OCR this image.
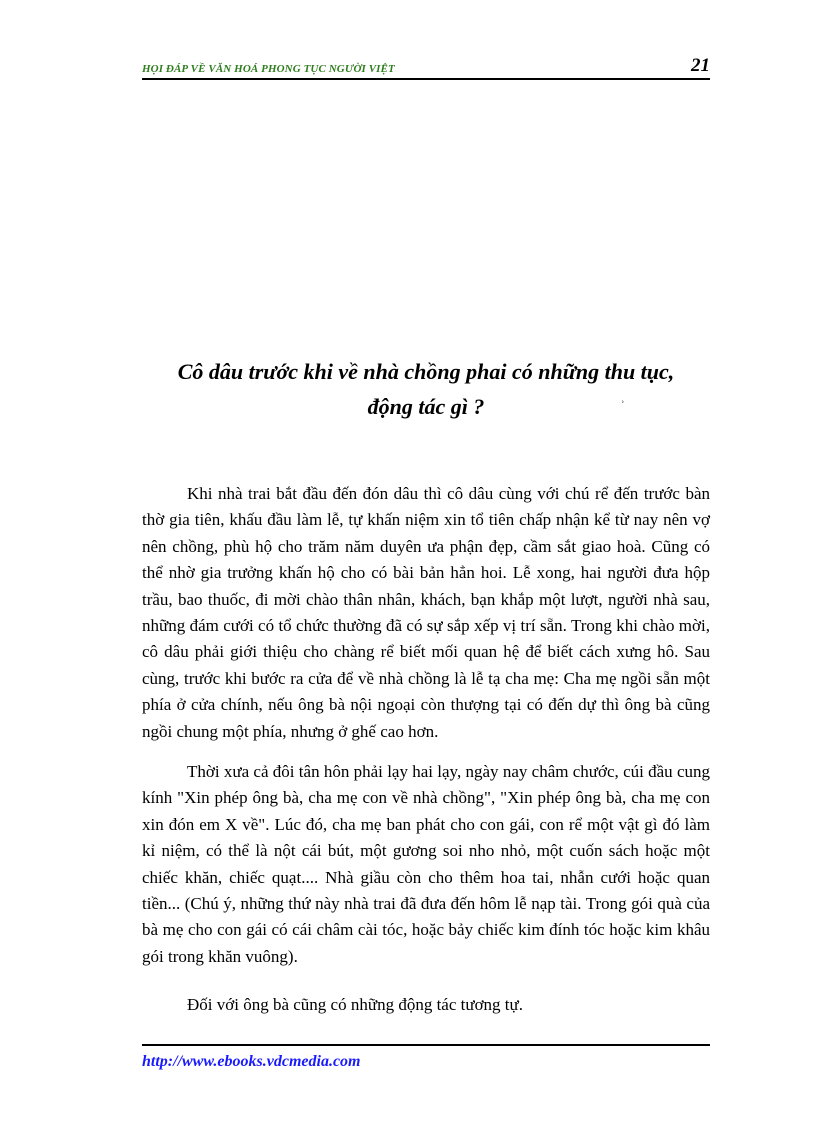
HỌI ĐÁP VỀ VĂN HOÁ PHONG TỤC NGƯỜI VIỆT	21
Cô dâu trước khi về nhà chồng phai có những thu tục,
động tác gì ?	ʾ

Khi nhà trai bắt đầu đến đón dâu thì cô dâu cùng với chú rể đến trước bàn thờ gia tiên, khấu đầu làm lễ, tự khấn niệm xin tổ tiên chấp nhận kể từ nay nên vợ nên chồng, phù hộ cho trăm năm duyên ưa phận đẹp, cầm sắt giao hoà. Cũng có thể nhờ gia trưởng khấn hộ cho có bài bản hẳn hoi. Lễ xong, hai người đưa hộp trầu, bao thuốc, đi mời chào thân nhân, khách, bạn khắp một lượt, người nhà sau, những đám cưới có tổ chức thường đã có sự sắp xếp vị trí sẵn. Trong khi chào mời, cô dâu phải giới thiệu cho chàng rể biết mối quan hệ để biết cách xưng hô. Sau cùng, trước khi bước ra cửa để về nhà chồng là lễ tạ cha mẹ: Cha mẹ ngồi sẵn một phía ở cửa chính, nếu ông bà nội ngoại còn thượng tại có đến dự thì ông bà cũng ngồi chung một phía, nhưng ở ghế cao hơn.

Thời xưa cả đôi tân hôn phải lạy hai lạy, ngày nay châm chước, cúi đầu cung kính "Xin phép ông bà, cha mẹ con về nhà chồng", "Xin phép ông bà, cha mẹ con xin đón em X về". Lúc đó, cha mẹ ban phát cho con gái, con rể một vật gì đó làm kỉ niệm, có thể là nột cái bút, một gương soi nho nhỏ, một cuốn sách hoặc một chiếc khăn, chiếc quạt.... Nhà giầu còn cho thêm hoa tai, nhẫn cưới hoặc quan tiền... (Chú ý, những thứ này nhà trai đã đưa đến hôm lễ nạp tài. Trong gói quà của bà mẹ cho con gái có cái châm cài tóc, hoặc bảy chiếc kim đính tóc hoặc kim khâu gói trong khăn vuông).

Đối với ông bà cũng có những động tác tương tự.

http://www.ebooks.vdcmedia.com
